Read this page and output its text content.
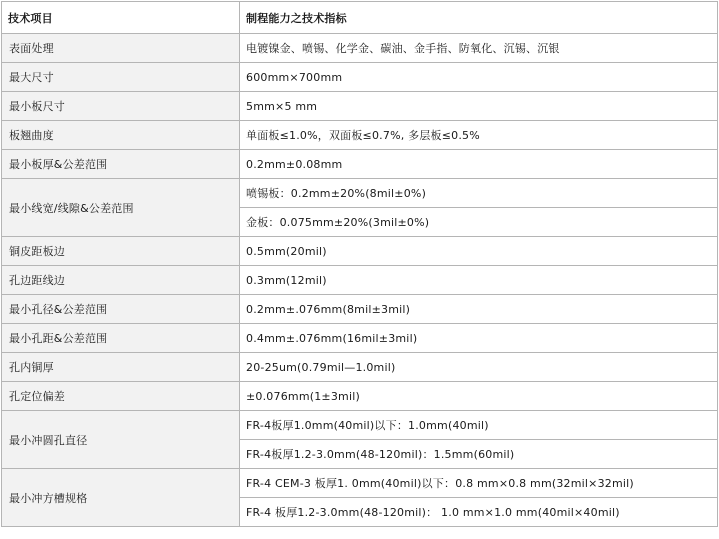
技术项目	制程能力之技术指标
表面处理	电镀镍金、喷锡、化学金、碳油、金手指、防氧化、沉锡、沉银
最大尺寸	600mm×700mm
最小板尺寸	5mm×5 mm
板翘曲度	单面板≤1.0%，双面板≤0.7%, 多层板≤0.5%
最小板厚&公差范围	0.2mm±0.08mm
最小线宽/线隙&公差范围	喷锡板：0.2mm±20%(8mil±0%)
	金板：0.075mm±20%(3mil±0%)
铜皮距板边	0.5mm(20mil)
孔边距线边	0.3mm(12mil)
最小孔径&公差范围	0.2mm±.076mm(8mil±3mil)
最小孔距&公差范围	0.4mm±.076mm(16mil±3mil)
孔内铜厚	20-25um(0.79mil—1.0mil)
孔定位偏差	±0.076mm(1±3mil)
最小冲圆孔直径	FR-4板厚1.0mm(40mil)以下：1.0mm(40mil)
	FR-4板厚1.2-3.0mm(48-120mil)：1.5mm(60mil)
最小冲方槽规格	FR-4 CEM-3 板厚1. 0mm(40mil)以下：0.8 mm×0.8 mm(32mil×32mil)
	FR-4 板厚1.2-3.0mm(48-120mil)： 1.0 mm×1.0 mm(40mil×40mil)
